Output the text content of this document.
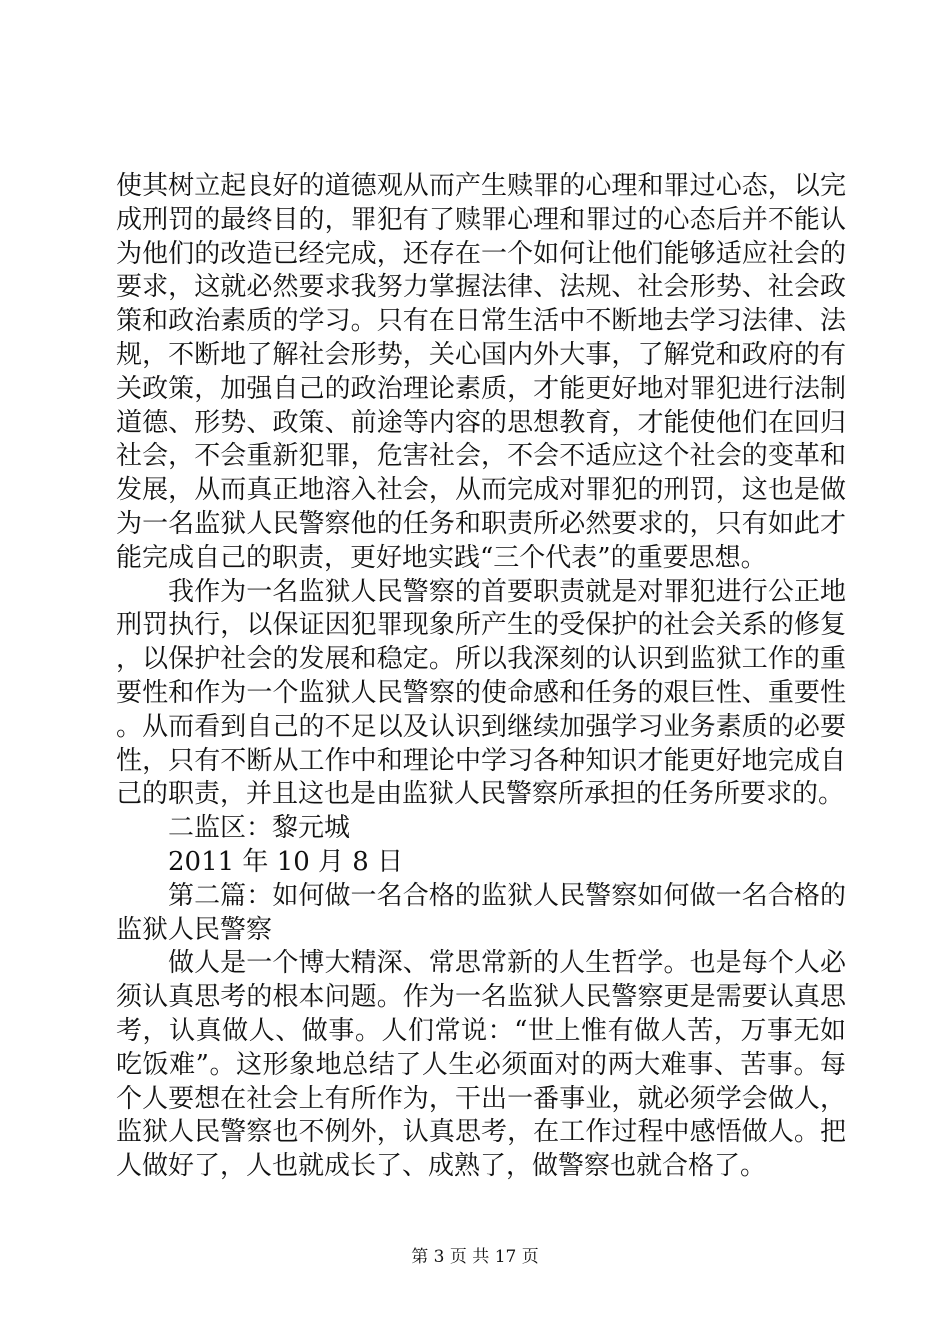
使其树立起良好的道德观从而产生赎罪的心理和罪过心态，以完成刑罚的最终目的，罪犯有了赎罪心理和罪过的心态后并不能认为他们的改造已经完成，还存在一个如何让他们能够适应社会的要求，这就必然要求我努力掌握法律、法规、社会形势、社会政策和政治素质的学习。只有在日常生活中不断地去学习法律、法规，不断地了解社会形势，关心国内外大事，了解党和政府的有关政策，加强自己的政治理论素质，才能更好地对罪犯进行法制道德、形势、政策、前途等内容的思想教育，才能使他们在回归社会，不会重新犯罪，危害社会，不会不适应这个社会的变革和发展，从而真正地溶入社会，从而完成对罪犯的刑罚，这也是做为一名监狱人民警察他的任务和职责所必然要求的，只有如此才能完成自己的职责，更好地实践“三个代表”的重要思想。

我作为一名监狱人民警察的首要职责就是对罪犯进行公正地刑罚执行，以保证因犯罪现象所产生的受保护的社会关系的修复，以保护社会的发展和稳定。所以我深刻的认识到监狱工作的重要性和作为一个监狱人民警察的使命感和任务的艰巨性、重要性。从而看到自己的不足以及认识到继续加强学习业务素质的必要性，只有不断从工作中和理论中学习各种知识才能更好地完成自己的职责，并且这也是由监狱人民警察所承担的任务所要求的。

二监区：黎元城

2011 年 10 月 8 日

第二篇：如何做一名合格的监狱人民警察如何做一名合格的监狱人民警察

做人是一个博大精深、常思常新的人生哲学。也是每个人必须认真思考的根本问题。作为一名监狱人民警察更是需要认真思考，认真做人、做事。人们常说：“世上惟有做人苦，万事无如吃饭难”。这形象地总结了人生必须面对的两大难事、苦事。每个人要想在社会上有所作为，干出一番事业，就必须学会做人，监狱人民警察也不例外，认真思考，在工作过程中感悟做人。把人做好了，人也就成长了、成熟了，做警察也就合格了。

第 3 页 共 17 页
